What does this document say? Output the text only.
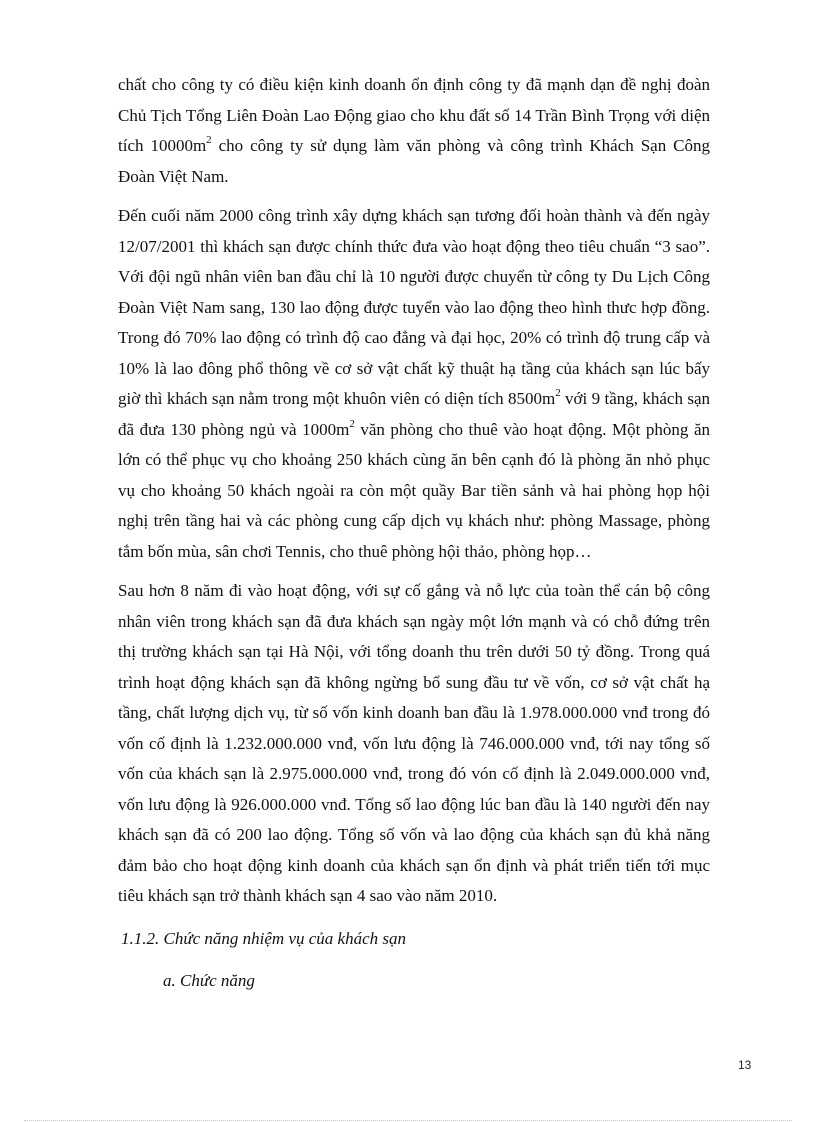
chất cho công ty có điều kiện kinh doanh ổn định công ty đã mạnh dạn đề nghị đoàn Chủ Tịch Tổng Liên Đoàn Lao Động giao cho khu đất số 14 Trần Bình Trọng với diện tích $10000m^2$ cho công ty sử dụng làm văn phòng và công trình Khách Sạn Công Đoàn Việt Nam.

Đến cuối năm 2000 công trình xây dựng khách sạn tương đối hoàn thành và đến ngày 12/07/2001 thì khách sạn được chính thức đưa vào hoạt động theo tiêu chuẩn “3 sao”. Với đội ngũ nhân viên ban đầu chỉ là 10 người được chuyển từ công ty Du Lịch Công Đoàn Việt Nam sang, 130 lao động được tuyển vào lao động theo hình thưc hợp đồng. Trong đó 70% lao động có trình độ cao đẳng và đại học, 20% có trình độ trung cấp và 10% là lao đông phổ thông về cơ sở vật chất kỹ thuật hạ tầng của khách sạn lúc bấy giờ thì khách sạn nằm trong một khuôn viên có diện tích $8500m^2$ với 9 tầng, khách sạn đã đưa 130 phòng ngủ và $1000m^2$ văn phòng cho thuê vào hoạt động. Một phòng ăn lớn có thể phục vụ cho khoảng 250 khách cùng ăn bên cạnh đó là phòng ăn nhỏ phục vụ cho khoảng 50 khách ngoài ra còn một quầy Bar tiền sảnh và hai phòng họp hội nghị trên tầng hai và các phòng cung cấp dịch vụ khách như: phòng Massage, phòng tắm bốn mùa, sân chơi Tennis, cho thuê phòng hội thảo, phòng họp…

Sau hơn 8 năm đi vào hoạt động, với sự cố gắng và nỗ lực của toàn thể cán bộ công nhân viên trong khách sạn đã đưa khách sạn ngày một lớn mạnh và có chỗ đứng trên thị trường khách sạn tại Hà Nội, với tổng doanh thu trên dưới 50 tỷ đồng. Trong quá trình hoạt động khách sạn đã không ngừng bổ sung đầu tư về vốn, cơ sở vật chất hạ tầng, chất lượng dịch vụ, từ số vốn kinh doanh ban đầu là 1.978.000.000 vnđ trong đó vốn cố định là 1.232.000.000 vnđ, vốn lưu động là 746.000.000 vnđ, tới nay tổng số vốn của khách sạn là 2.975.000.000 vnđ, trong đó vón cố định là 2.049.000.000 vnđ, vốn lưu động là 926.000.000 vnđ. Tổng số lao động lúc ban đầu là 140 người đến nay khách sạn đã có 200 lao động. Tổng số vốn và lao động của khách sạn đủ khả năng đảm bảo cho hoạt động kinh doanh của khách sạn ổn định và phát triển tiến tới mục tiêu khách sạn trở thành khách sạn 4 sao vào năm 2010.

1.1.2. Chức năng nhiệm vụ của khách sạn
a. Chức năng
13
